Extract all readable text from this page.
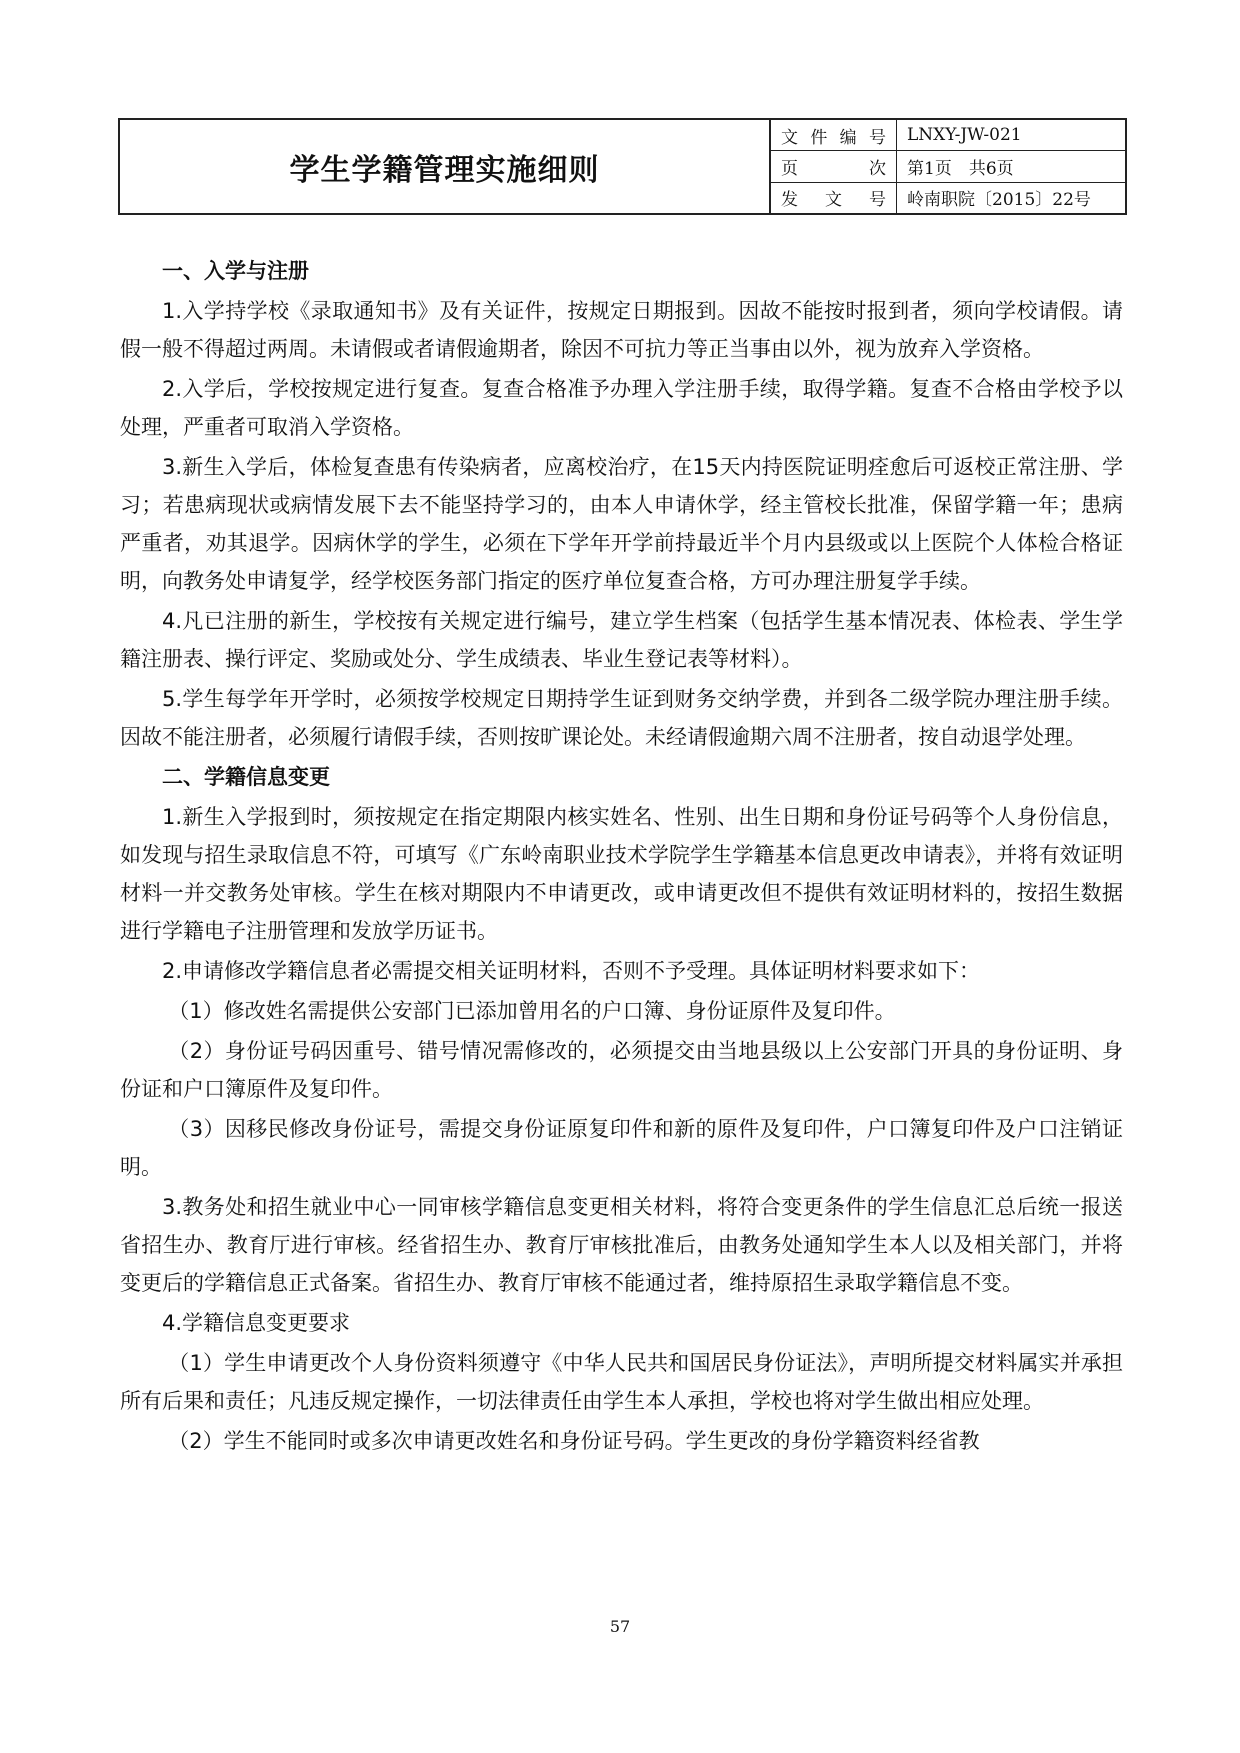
学生学籍管理实施细则
文 件 编 号	LNXY-JW-021
页	次	第1页　共6页
发 文 号	岭南职院〔2015〕22号
一、入学与注册

1.入学持学校《录取通知书》及有关证件，按规定日期报到。因故不能按时报到者，须向学校请假。请假一般不得超过两周。未请假或者请假逾期者，除因不可抗力等正当事由以外，视为放弃入学资格。

2.入学后，学校按规定进行复查。复查合格准予办理入学注册手续，取得学籍。复查不合格由学校予以处理，严重者可取消入学资格。

3.新生入学后，体检复查患有传染病者，应离校治疗，在15天内持医院证明痊愈后可返校正常注册、学习；若患病现状或病情发展下去不能坚持学习的，由本人申请休学，经主管校长批准，保留学籍一年；患病严重者，劝其退学。因病休学的学生，必须在下学年开学前持最近半个月内县级或以上医院个人体检合格证明，向教务处申请复学，经学校医务部门指定的医疗单位复查合格，方可办理注册复学手续。

4.凡已注册的新生，学校按有关规定进行编号，建立学生档案（包括学生基本情况表、体检表、学生学籍注册表、操行评定、奖励或处分、学生成绩表、毕业生登记表等材料）。

5.学生每学年开学时，必须按学校规定日期持学生证到财务交纳学费，并到各二级学院办理注册手续。因故不能注册者，必须履行请假手续，否则按旷课论处。未经请假逾期六周不注册者，按自动退学处理。

二、学籍信息变更

1.新生入学报到时，须按规定在指定期限内核实姓名、性别、出生日期和身份证号码等个人身份信息，如发现与招生录取信息不符，可填写《广东岭南职业技术学院学生学籍基本信息更改申请表》，并将有效证明材料一并交教务处审核。学生在核对期限内不申请更改，或申请更改但不提供有效证明材料的，按招生数据进行学籍电子注册管理和发放学历证书。

2.申请修改学籍信息者必需提交相关证明材料，否则不予受理。具体证明材料要求如下：

（1）修改姓名需提供公安部门已添加曾用名的户口簿、身份证原件及复印件。

（2）身份证号码因重号、错号情况需修改的，必须提交由当地县级以上公安部门开具的身份证明、身份证和户口簿原件及复印件。

（3）因移民修改身份证号，需提交身份证原复印件和新的原件及复印件，户口簿复印件及户口注销证明。

3.教务处和招生就业中心一同审核学籍信息变更相关材料，将符合变更条件的学生信息汇总后统一报送省招生办、教育厅进行审核。经省招生办、教育厅审核批准后，由教务处通知学生本人以及相关部门，并将变更后的学籍信息正式备案。省招生办、教育厅审核不能通过者，维持原招生录取学籍信息不变。

4.学籍信息变更要求

（1）学生申请更改个人身份资料须遵守《中华人民共和国居民身份证法》，声明所提交材料属实并承担所有后果和责任；凡违反规定操作，一切法律责任由学生本人承担，学校也将对学生做出相应处理。

（2）学生不能同时或多次申请更改姓名和身份证号码。学生更改的身份学籍资料经省教

57
